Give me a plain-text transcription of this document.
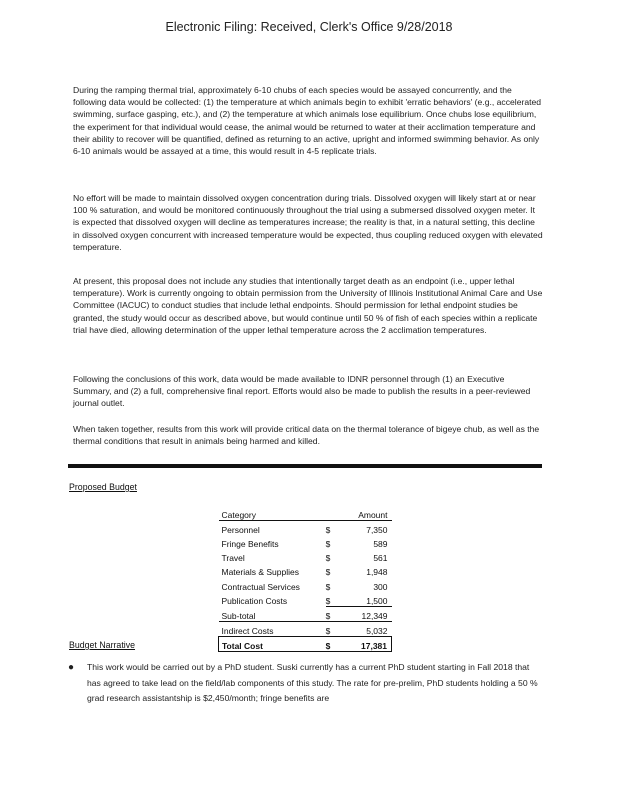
Electronic Filing: Received, Clerk's Office 9/28/2018

During the ramping thermal trial, approximately 6-10 chubs of each species would be assayed concurrently, and the following data would be collected: (1) the temperature at which animals begin to exhibit 'erratic behaviors' (e.g., accelerated swimming, surface gasping, etc.), and (2) the temperature at which animals lose equilibrium. Once chubs lose equilibrium, the experiment for that individual would cease, the animal would be returned to water at their acclimation temperature and their ability to recover will be quantified, defined as returning to an active, upright and informed swimming behavior. As only 6-10 animals would be assayed at a time, this would result in 4-5 replicate trials.

No effort will be made to maintain dissolved oxygen concentration during trials. Dissolved oxygen will likely start at or near 100 % saturation, and would be monitored continuously throughout the trial using a submersed dissolved oxygen meter. It is expected that dissolved oxygen will decline as temperatures increase; the reality is that, in a natural setting, this decline in dissolved oxygen concurrent with increased temperature would be expected, thus coupling reduced oxygen with elevated temperature.

At present, this proposal does not include any studies that intentionally target death as an endpoint (i.e., upper lethal temperature). Work is currently ongoing to obtain permission from the University of Illinois Institutional Animal Care and Use Committee (IACUC) to conduct studies that include lethal endpoints. Should permission for lethal endpoint studies be granted, the study would occur as described above, but would continue until 50 % of fish of each species within a replicate trial have died, allowing determination of the upper lethal temperature across the 2 acclimation temperatures.

Following the conclusions of this work, data would be made available to IDNR personnel through (1) an Executive Summary, and (2) a full, comprehensive final report. Efforts would also be made to publish the results in a peer-reviewed journal outlet.

When taken together, results from this work will provide critical data on the thermal tolerance of bigeye chub, as well as the thermal conditions that result in animals being harmed and killed.

Proposed Budget
Category		Amount
Personnel	$	7,350
Fringe Benefits	$	589
Travel	$	561
Materials & Supplies	$	1,948
Contractual Services	$	300
Publication Costs	$	1,500
Sub-total	$	12,349
Indirect Costs	$	5,032
Total Cost	$	17,381
Budget Narrative
● This work would be carried out by a PhD student. Suski currently has a current PhD student starting in Fall 2018 that has agreed to take lead on the field/lab components of this study. The rate for pre-prelim, PhD students holding a 50 % grad research assistantship is $2,450/month; fringe benefits are
